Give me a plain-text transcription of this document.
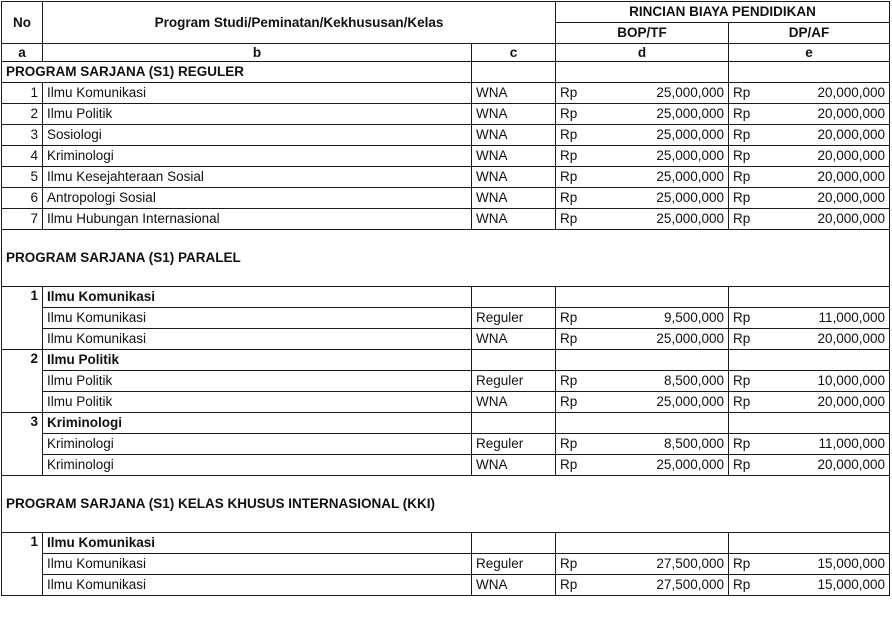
No	Program Studi/Peminatan/Kekhususan/Kelas		RINCIAN BIAYA PENDIDIKAN			
			BOP/TF		DP/AF	
a	b	c	d		e	
PROGRAM SARJANA (S1) REGULER						
1	Ilmu Komunikasi	WNA	Rp	25,000,000	Rp	20,000,000
2	Ilmu Politik	WNA	Rp	25,000,000	Rp	20,000,000
3	Sosiologi	WNA	Rp	25,000,000	Rp	20,000,000
4	Kriminologi	WNA	Rp	25,000,000	Rp	20,000,000
5	Ilmu Kesejahteraan Sosial	WNA	Rp	25,000,000	Rp	20,000,000
6	Antropologi Sosial	WNA	Rp	25,000,000	Rp	20,000,000
7	Ilmu Hubungan Internasional	WNA	Rp	25,000,000	Rp	20,000,000
PROGRAM SARJANA (S1) PARALEL						
1	Ilmu Komunikasi					
	Ilmu Komunikasi	Reguler	Rp	9,500,000	Rp	11,000,000
	Ilmu Komunikasi	WNA	Rp	25,000,000	Rp	20,000,000
2	Ilmu Politik					
	Ilmu Politik	Reguler	Rp	8,500,000	Rp	10,000,000
	Ilmu Politik	WNA	Rp	25,000,000	Rp	20,000,000
3	Kriminologi					
	Kriminologi	Reguler	Rp	8,500,000	Rp	11,000,000
	Kriminologi	WNA	Rp	25,000,000	Rp	20,000,000
PROGRAM SARJANA (S1) KELAS KHUSUS INTERNASIONAL (KKI)						
1	Ilmu Komunikasi					
	Ilmu Komunikasi	Reguler	Rp	27,500,000	Rp	15,000,000
	Ilmu Komunikasi	WNA	Rp	27,500,000	Rp	15,000,000
